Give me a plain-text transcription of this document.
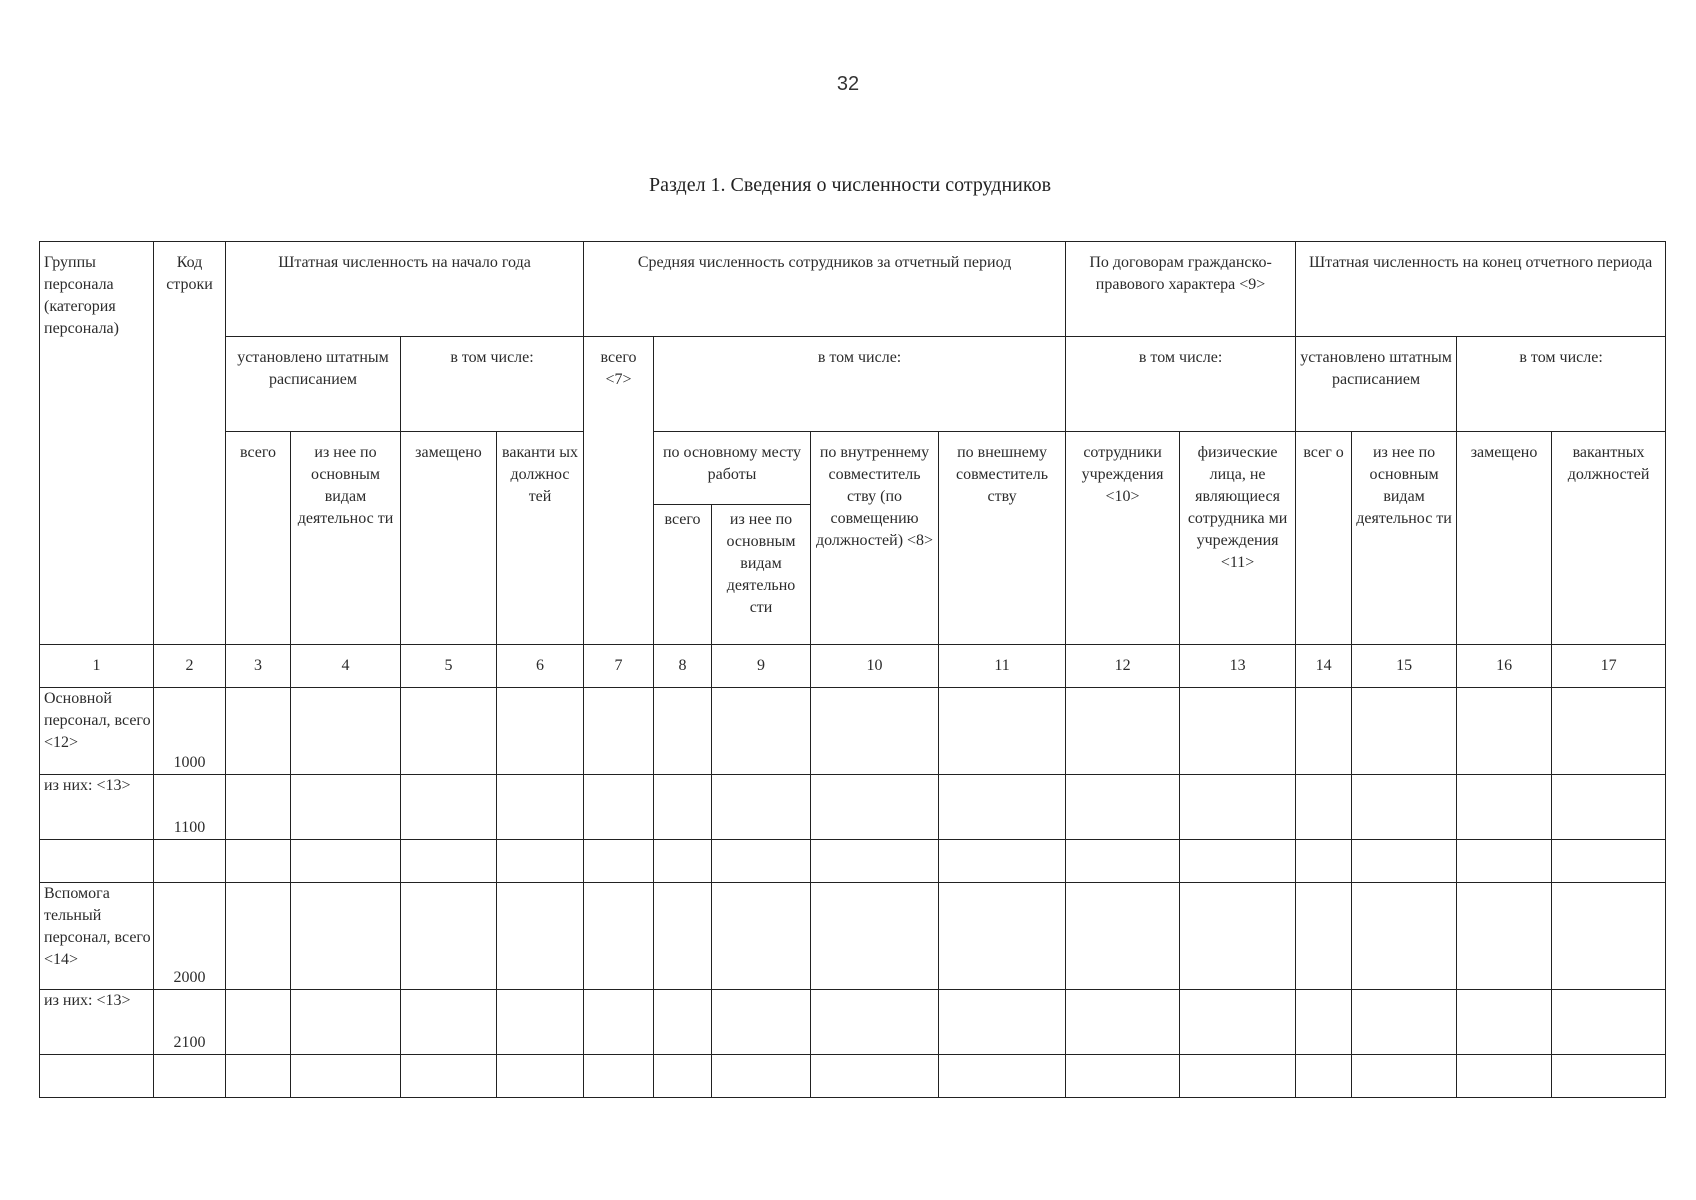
32
Раздел 1. Сведения о численности сотрудников
Группы персонала (категория персонала)	Код строки	Штатная численность на начало года				Средняя численность сотрудников за отчетный период					По договорам гражданско-правового характера <9>		Штатная численность на конец отчетного периода			
		установлено штатным расписанием		в том числе:		всего <7>	в том числе:				в том числе:		установлено штатным расписанием		в том числе:	
		всего	из нее по основным видам деятельнос ти	замещено	ваканти ых должнос тей		по основному месту работы		по внутреннему совместитель ству (по совмещению должностей) <8>	по внешнему совместитель ству	сотрудники учреждения <10>	физические лица, не являющиеся сотрудника ми учреждения <11>	всег о	из нее по основным видам деятельнос ти	замещено	вакантных должностей
							всего	из нее по основным видам деятельно сти								
1	2	3	4	5	6	7	8	9	10	11	12	13	14	15	16	17
Основной персонал, всего <12>	1000															
из них: <13>	1100															

Вспомога тельный персонал, всего <14>	2000															
из них: <13>	2100															
